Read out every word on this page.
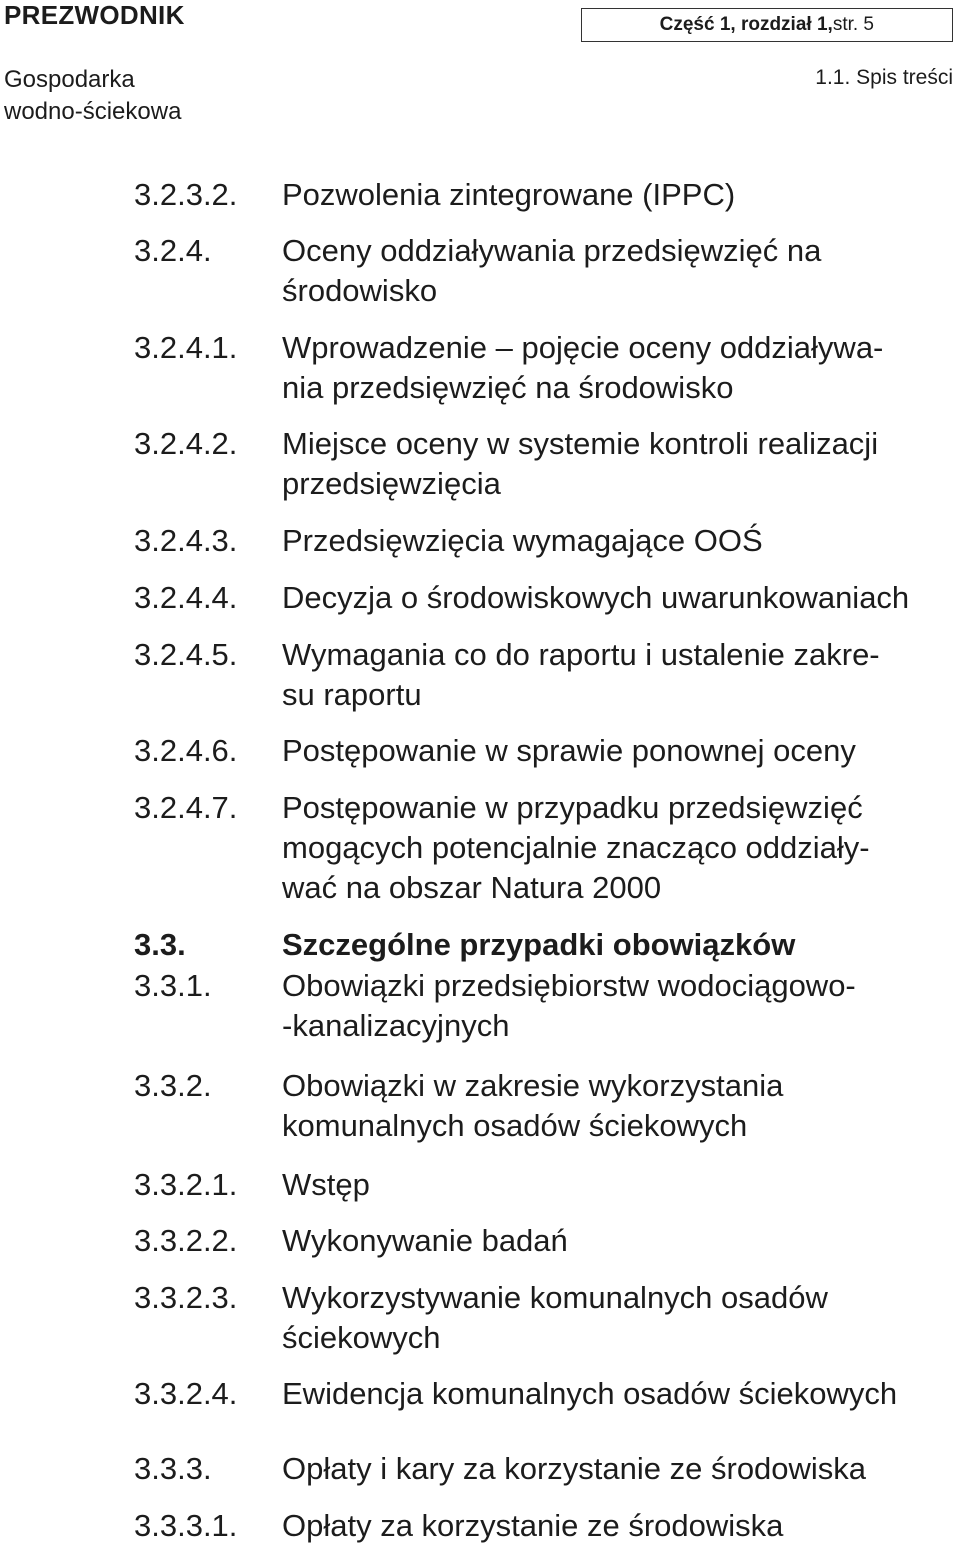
PREZWODNIK	Część 1, rozdział 1, str. 5
Gospodarka
wodno-ściekowa
1.1. Spis treści
3.2.3.2. Pozwolenia zintegrowane (IPPC)
3.2.4. Oceny oddziaływania przedsięwzięć na
środowisko
3.2.4.1. Wprowadzenie – pojęcie oceny oddziaływa-
nia przedsięwzięć na środowisko
3.2.4.2. Miejsce oceny w systemie kontroli realizacji
przedsięwzięcia
3.2.4.3. Przedsięwzięcia wymagające OOŚ
3.2.4.4. Decyzja o środowiskowych uwarunkowaniach
3.2.4.5. Wymagania co do raportu i ustalenie zakre-
su raportu
3.2.4.6. Postępowanie w sprawie ponownej oceny
3.2.4.7. Postępowanie w przypadku przedsięwzięć
mogących potencjalnie znacząco oddziały-
wać na obszar Natura 2000
3.3.	Szczególne przypadki obowiązków
3.3.1. Obowiązki przedsiębiorstw wodociągowo-
-kanalizacyjnych
3.3.2. Obowiązki w zakresie wykorzystania
komunalnych osadów ściekowych
3.3.2.1. Wstęp
3.3.2.2. Wykonywanie badań
3.3.2.3. Wykorzystywanie komunalnych osadów
ściekowych
3.3.2.4. Ewidencja komunalnych osadów ściekowych
3.3.3. Opłaty i kary za korzystanie ze środowiska
3.3.3.1. Opłaty za korzystanie ze środowiska
